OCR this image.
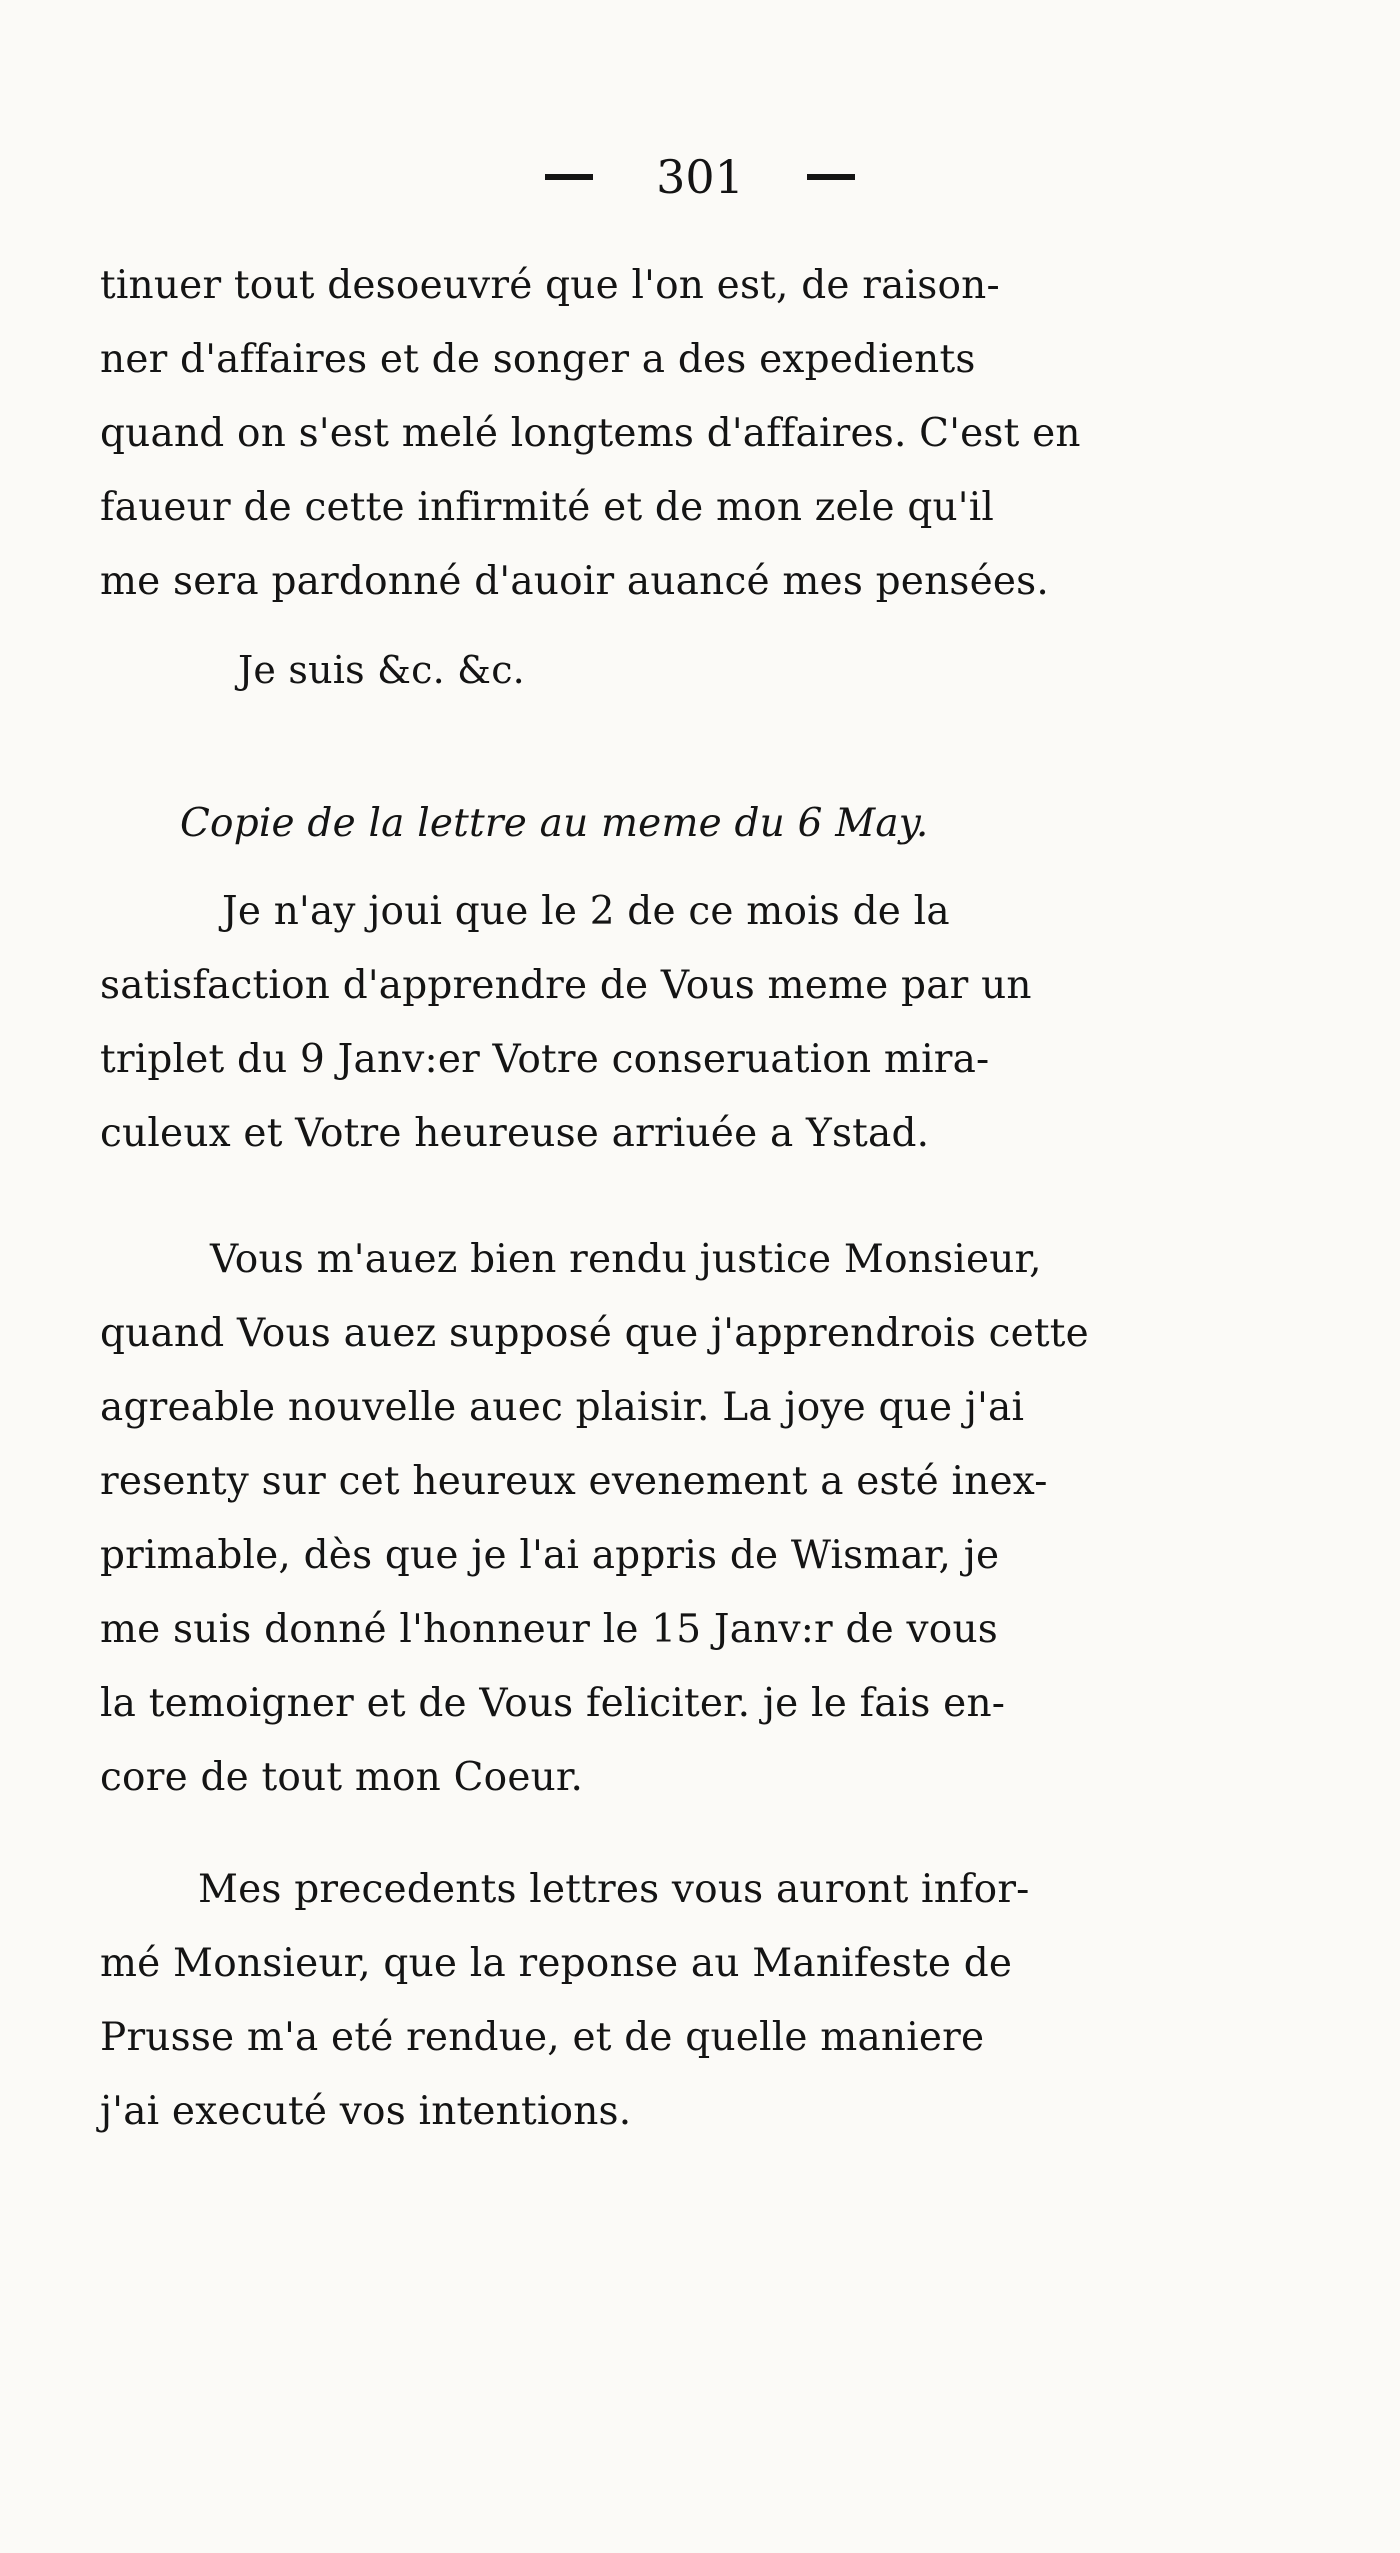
301
tinuer tout desoeuvré que l'on est, de raison-
ner d'affaires et de songer a des expedients
quand on s'est melé longtems d'affaires. C'est en
faueur de cette infirmité et de mon zele qu'il
me sera pardonné d'auoir auancé mes pensées.
Je suis &c. &c.
Copie de la lettre au meme du 6 May.
Je n'ay joui que le 2 de ce mois de la
satisfaction d'apprendre de Vous meme par un
triplet du 9 Janv:er Votre conseruation mira-
culeux et Votre heureuse arriuée a Ystad.
Vous m'auez bien rendu justice Monsieur,
quand Vous auez supposé que j'apprendrois cette
agreable nouvelle auec plaisir. La joye que j'ai
resenty sur cet heureux evenement a esté inex-
primable, dès que je l'ai appris de Wismar, je
me suis donné l'honneur le 15 Janv:r de vous
la temoigner et de Vous feliciter. je le fais en-
core de tout mon Coeur.
Mes precedents lettres vous auront infor-
mé Monsieur, que la reponse au Manifeste de
Prusse m'a eté rendue, et de quelle maniere
j'ai executé vos intentions.
